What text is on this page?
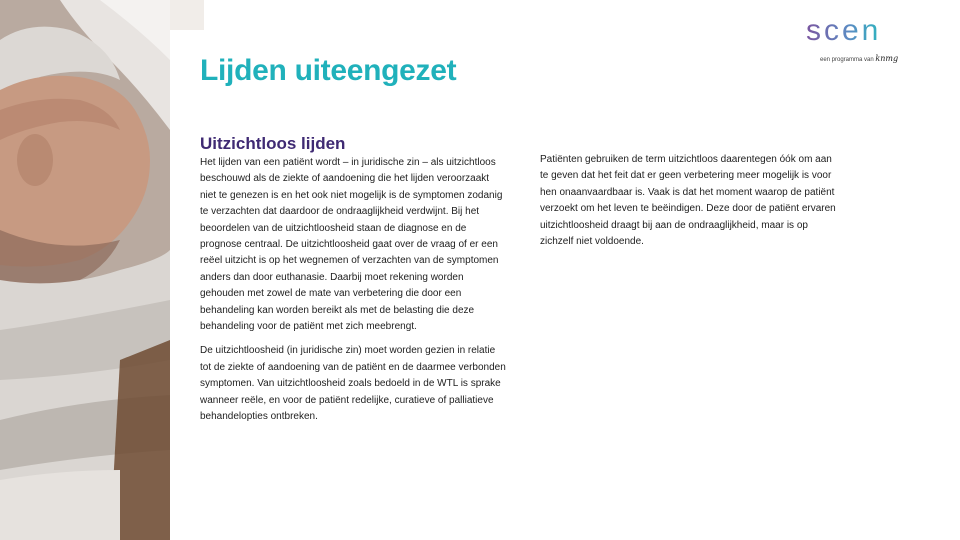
Lijden uiteengezet
scen
een programma van knmg
Uitzichtloos lijden

Het lijden van een patiënt wordt – in juridische zin – als uitzichtloos beschouwd als de ziekte of aandoening die het lijden veroorzaakt niet te genezen is en het ook niet mogelijk is de symptomen zodanig te verzachten dat daardoor de ondraaglijkheid verdwijnt. Bij het beoordelen van de uitzichtloosheid staan de diagnose en de prognose centraal. De uitzichtloosheid gaat over de vraag of er een reëel uitzicht is op het wegnemen of verzachten van de symptomen anders dan door euthanasie. Daarbij moet rekening worden gehouden met zowel de mate van verbetering die door een behandeling kan worden bereikt als met de belasting die deze behandeling voor de patiënt met zich meebrengt.

De uitzichtloosheid (in juridische zin) moet worden gezien in relatie tot de ziekte of aandoening van de patiënt en de daarmee verbonden symptomen. Van uitzichtloosheid zoals bedoeld in de WTL is sprake wanneer reële, en voor de patiënt redelijke, curatieve of palliatieve behandelopties ontbreken.

Patiënten gebruiken de term uitzichtloos daarentegen óók om aan te geven dat het feit dat er geen verbetering meer mogelijk is voor hen onaanvaardbaar is. Vaak is dat het moment waarop de patiënt verzoekt om het leven te beëindigen. Deze door de patiënt ervaren uitzichtloosheid draagt bij aan de ondraaglijkheid, maar is op zichzelf niet voldoende.
